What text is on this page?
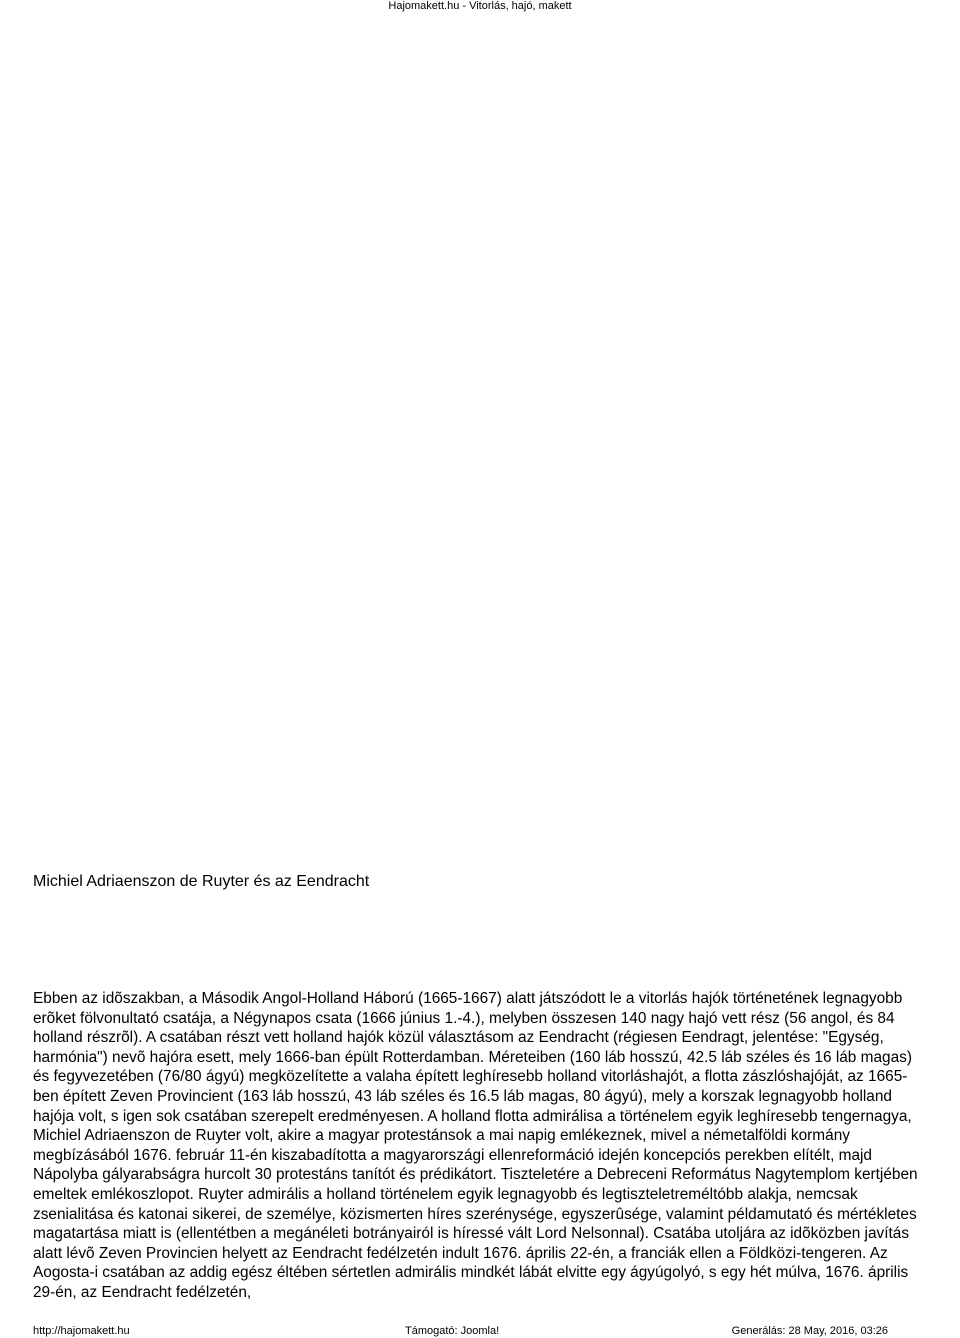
Hajomakett.hu - Vitorlás, hajó, makett
Michiel Adriaenszon de Ruyter és az Eendracht

Ebben az idõszakban, a Második Angol-Holland Háború (1665-1667) alatt játszódott le a vitorlás hajók történetének legnagyobb erõket fölvonultató csatája, a Négynapos csata (1666 június 1.-4.), melyben összesen 140 nagy hajó vett rész (56 angol, és 84 holland részrõl). A csatában részt vett holland hajók közül választásom az Eendracht (régiesen Eendragt, jelentése: "Egység, harmónia") nevõ hajóra esett, mely 1666-ban épült Rotterdamban. Méreteiben (160 láb hosszú, 42.5 láb széles és 16 láb magas) és fegyvezetében (76/80 ágyú) megközelítette a valaha épített leghíresebb holland vitorláshajót, a flotta zászlóshajóját, az 1665-ben épített Zeven Provincient (163 láb hosszú, 43 láb széles és 16.5 láb magas, 80 ágyú), mely a korszak legnagyobb holland hajója volt, s igen sok csatában szerepelt eredményesen. A holland flotta admirálisa a történelem egyik leghíresebb tengernagya, Michiel Adriaenszon de Ruyter volt, akire a magyar protestánsok a mai napig emlékeznek, mivel a németalföldi kormány megbízásából 1676. február 11-én kiszabadította a magyarországi ellenreformáció idején koncepciós perekben elítélt, majd Nápolyba gályarabságra hurcolt 30 protestáns tanítót és prédikátort. Tiszteletére a Debreceni Református Nagytemplom kertjében emeltek emlékoszlopot. Ruyter admirális a holland történelem egyik legnagyobb és legtiszteletreméltóbb alakja, nemcsak zsenialitása és katonai sikerei, de személye, közismerten híres szerénysége, egyszerûsége, valamint példamutató és mértékletes magatartása miatt is (ellentétben a megánéleti botrányairól is híressé vált Lord Nelsonnal). Csatába utoljára az idõközben javítás alatt lévõ Zeven Provincien helyett az Eendracht fedélzetén indult 1676. április 22-én, a franciák ellen a Földközi-tengeren. Az Aogosta-i csatában az addig egész éltében sértetlen admirális mindkét lábát elvitte egy ágyúgolyó, s egy hét múlva, 1676. április 29-én, az Eendracht fedélzetén,

http://hajomakett.hu	Támogató: Joomla!	Generálás: 28 May, 2016, 03:26
